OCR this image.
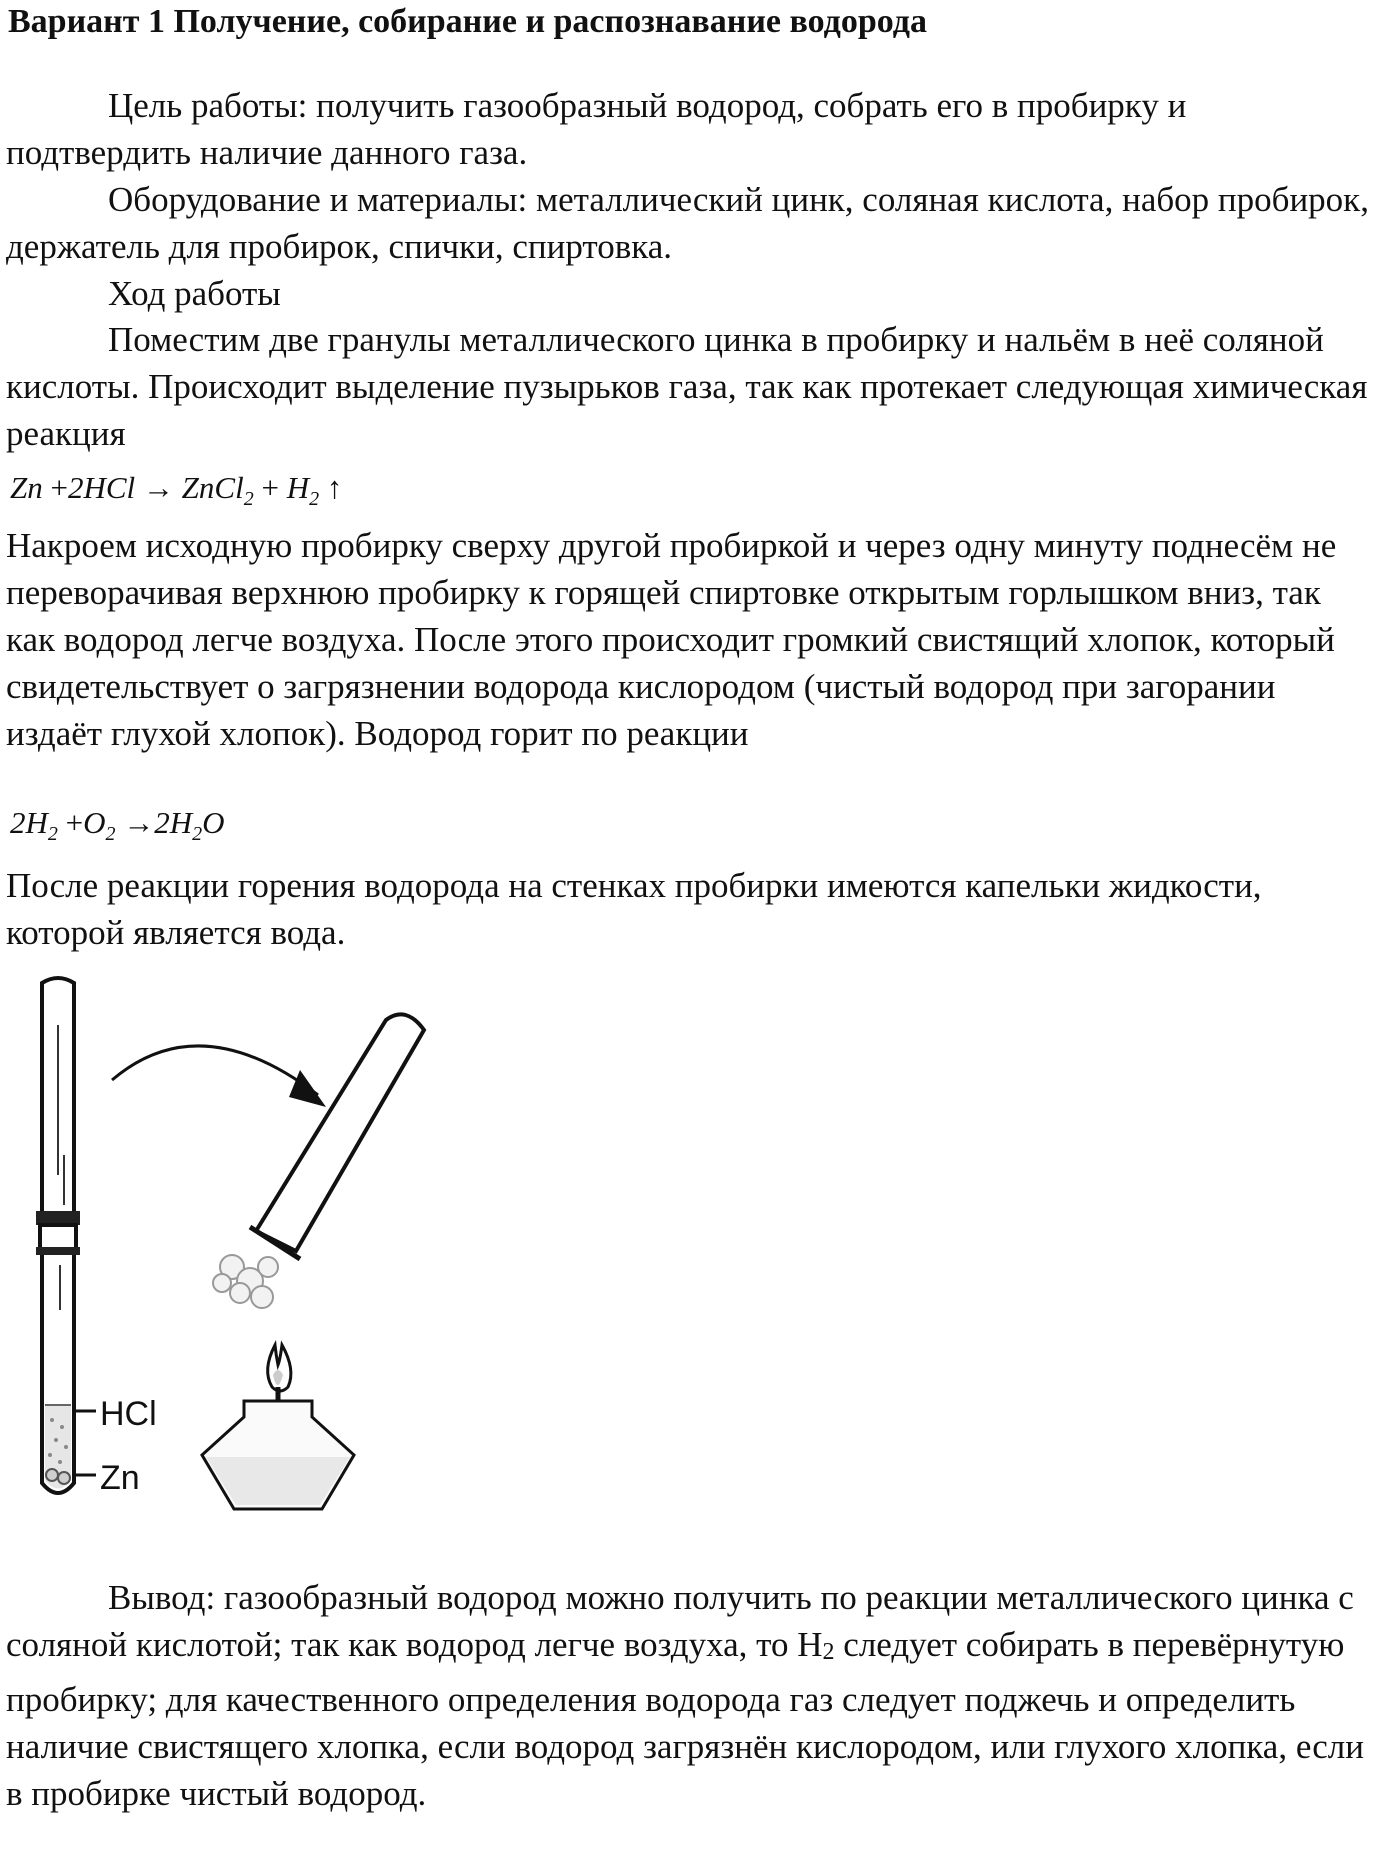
Вариант 1 Получение, собирание и распознавание водорода
Цель работы: получить газообразный водород, собрать его в пробирку и подтвердить наличие данного газа.
Оборудование и материалы: металлический цинк, соляная кислота, набор пробирок, держатель для пробирок, спички, спиртовка.
Ход работы
Поместим две гранулы металлического цинка в пробирку и нальём в неё соляной кислоты. Происходит выделение пузырьков газа, так как протекает следующая химическая реакция
Zn +2HCl → ZnCl$_2$ + $H_2$ ↑
Накроем исходную пробирку сверху другой пробиркой и через одну минуту поднесём не переворачивая верхнюю пробирку к горящей спиртовке открытым горлышком вниз, так как водород легче воздуха. После этого происходит громкий свистящий хлопок, который свидетельствует о загрязнении водорода кислородом (чистый водород при загорании издаёт глухой хлопок). Водород горит по реакции
$2H_2 +O_2 \to 2H_2O$
После реакции горения водорода на стенках пробирки имеются капельки жидкости, которой является вода.
HCl
Zn
Вывод: газообразный водород можно получить по реакции металлического цинка с соляной кислотой; так как водород легче воздуха, то $H_2$ следует собирать в перевёрнутую пробирку; для качественного определения водорода газ следует поджечь и определить наличие свистящего хлопка, если водород загрязнён кислородом, или глухого хлопка, если в пробирке чистый водород.
